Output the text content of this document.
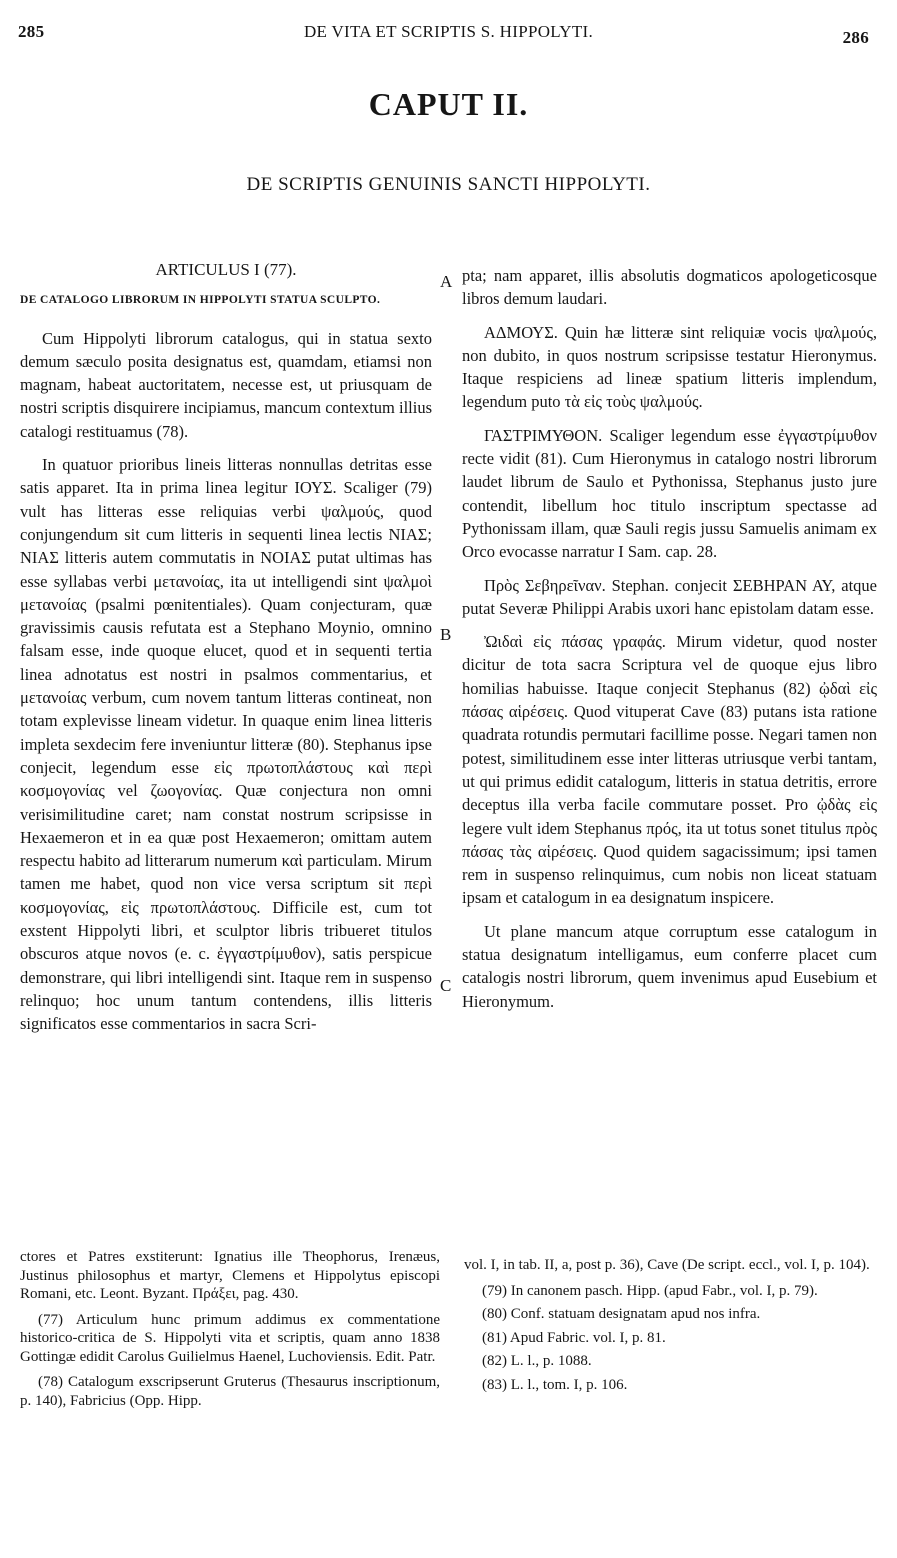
285	DE VITA ET SCRIPTIS S. HIPPOLYTI.	286
CAPUT II.
DE SCRIPTIS GENUINIS SANCTI HIPPOLYTI.
ARTICULUS I (77).
DE CATALOGO LIBRORUM IN HIPPOLYTI STATUA SCULPTO.

Cum Hippolyti librorum catalogus, qui in statua sexto demum sæculo posita designatus est, quamdam, etiamsi non magnam, habeat auctoritatem, necesse est, ut priusquam de nostri scriptis disquirere incipiamus, mancum contextum illius catalogi restituamus (78).

In quatuor prioribus lineis litteras nonnullas detritas esse satis apparet. Ita in prima linea legitur ΙΟΥΣ. Scaliger (79) vult has litteras esse reliquias verbi ψαλμούς, quod conjungendum sit cum litteris in sequenti linea lectis ΝΙΑΣ; ΝΙΑΣ litteris autem commutatis in ΝΟΙΑΣ putat ultimas has esse syllabas verbi μετανοίας, ita ut intelligendi sint ψαλμοὶ μετανοίας (psalmi pœnitentiales). Quam conjecturam, quæ gravissimis causis refutata est a Stephano Moynio, omnino falsam esse, inde quoque elucet, quod et in sequenti tertia linea adnotatus est nostri in psalmos commentarius, et μετανοίας verbum, cum novem tantum litteras contineat, non totam explevisse lineam videtur. In quaque enim linea litteris impleta sexdecim fere inveniuntur litteræ (80). Stephanus ipse conjecit, legendum esse εἰς πρωτοπλάστους καὶ περὶ κοσμογονίας vel ζωογονίας. Quæ conjectura non omni verisimilitudine caret; nam constat nostrum scripsisse in Hexaemeron et in ea quæ post Hexaemeron; omittam autem respectu habito ad litterarum numerum καὶ particulam. Mirum tamen me habet, quod non vice versa scriptum sit περὶ κοσμογονίας, εἰς πρωτοπλάστους. Difficile est, cum tot exstent Hippolyti libri, et sculptor libris tribueret titulos obscuros atque novos (e. c. ἐγγαστρίμυθον), satis perspicue demonstrare, qui libri intelligendi sint. Itaque rem in suspenso relinquo; hoc unum tantum contendens, illis litteris significatos esse commentarios in sacra Scri-

A
B
C

pta; nam apparet, illis absolutis dogmaticos apologeticosque libros demum laudari.

ΑΔΜΟΥΣ. Quin hæ litteræ sint reliquiæ vocis ψαλμούς, non dubito, in quos nostrum scripsisse testatur Hieronymus. Itaque respiciens ad lineæ spatium litteris implendum, legendum puto τὰ εἰς τοὺς ψαλμούς.

ΓΑΣΤΡΙΜΥΘΟΝ. Scaliger legendum esse ἐγγαστρίμυθον recte vidit (81). Cum Hieronymus in catalogo nostri librorum laudet librum de Saulo et Pythonissa, Stephanus justo jure contendit, libellum hoc titulo inscriptum spectasse ad Pythonissam illam, quæ Sauli regis jussu Samuelis animam ex Orco evocasse narratur I Sam. cap. 28.

Πρὸς Σεβηρεῖναν. Stephan. conjecit ΣΕΒΗΡΑΝ ΑΥ, atque putat Severæ Philippi Arabis uxori hanc epistolam datam esse.

Ὠιδαὶ εἰς πάσας γραφάς. Mirum videtur, quod noster dicitur de tota sacra Scriptura vel de quoque ejus libro homilias habuisse. Itaque conjecit Stephanus (82) ᾠδαὶ εἰς πάσας αἱρέσεις. Quod vituperat Cave (83) putans ista ratione quadrata rotundis permutari facillime posse. Negari tamen non potest, similitudinem esse inter litteras utriusque verbi tantam, ut qui primus edidit catalogum, litteris in statua detritis, errore deceptus illa verba facile commutare posset. Pro ᾠδὰς εἰς legere vult idem Stephanus πρός, ita ut totus sonet titulus πρὸς πάσας τὰς αἱρέσεις. Quod quidem sagacissimum; ipsi tamen rem in suspenso relinquimus, cum nobis non liceat statuam ipsam et catalogum in ea designatum inspicere.

Ut plane mancum atque corruptum esse catalogum in statua designatum intelligamus, eum conferre placet cum catalogis nostri librorum, quem invenimus apud Eusebium et Hieronymum.

ctores et Patres exstiterunt: Ignatius ille Theophorus, Irenæus, Justinus philosophus et martyr, Clemens et Hippolytus episcopi Romani, etc. Leont. Byzant. Πράξει, pag. 430.

(77) Articulum hunc primum addimus ex commentatione historico-critica de S. Hippolyti vita et scriptis, quam anno 1838 Gottingæ edidit Carolus Guilielmus Haenel, Luchoviensis. Edit. Patr.

(78) Catalogum exscripserunt Gruterus (Thesaurus inscriptionum, p. 140), Fabricius (Opp. Hipp.

vol. I, in tab. II, a, post p. 36), Cave (De script. eccl., vol. I, p. 104).

(79) In canonem pasch. Hipp. (apud Fabr., vol. I, p. 79).

(80) Conf. statuam designatam apud nos infra.

(81) Apud Fabric. vol. I, p. 81.

(82) L. l., p. 1088.

(83) L. l., tom. I, p. 106.
